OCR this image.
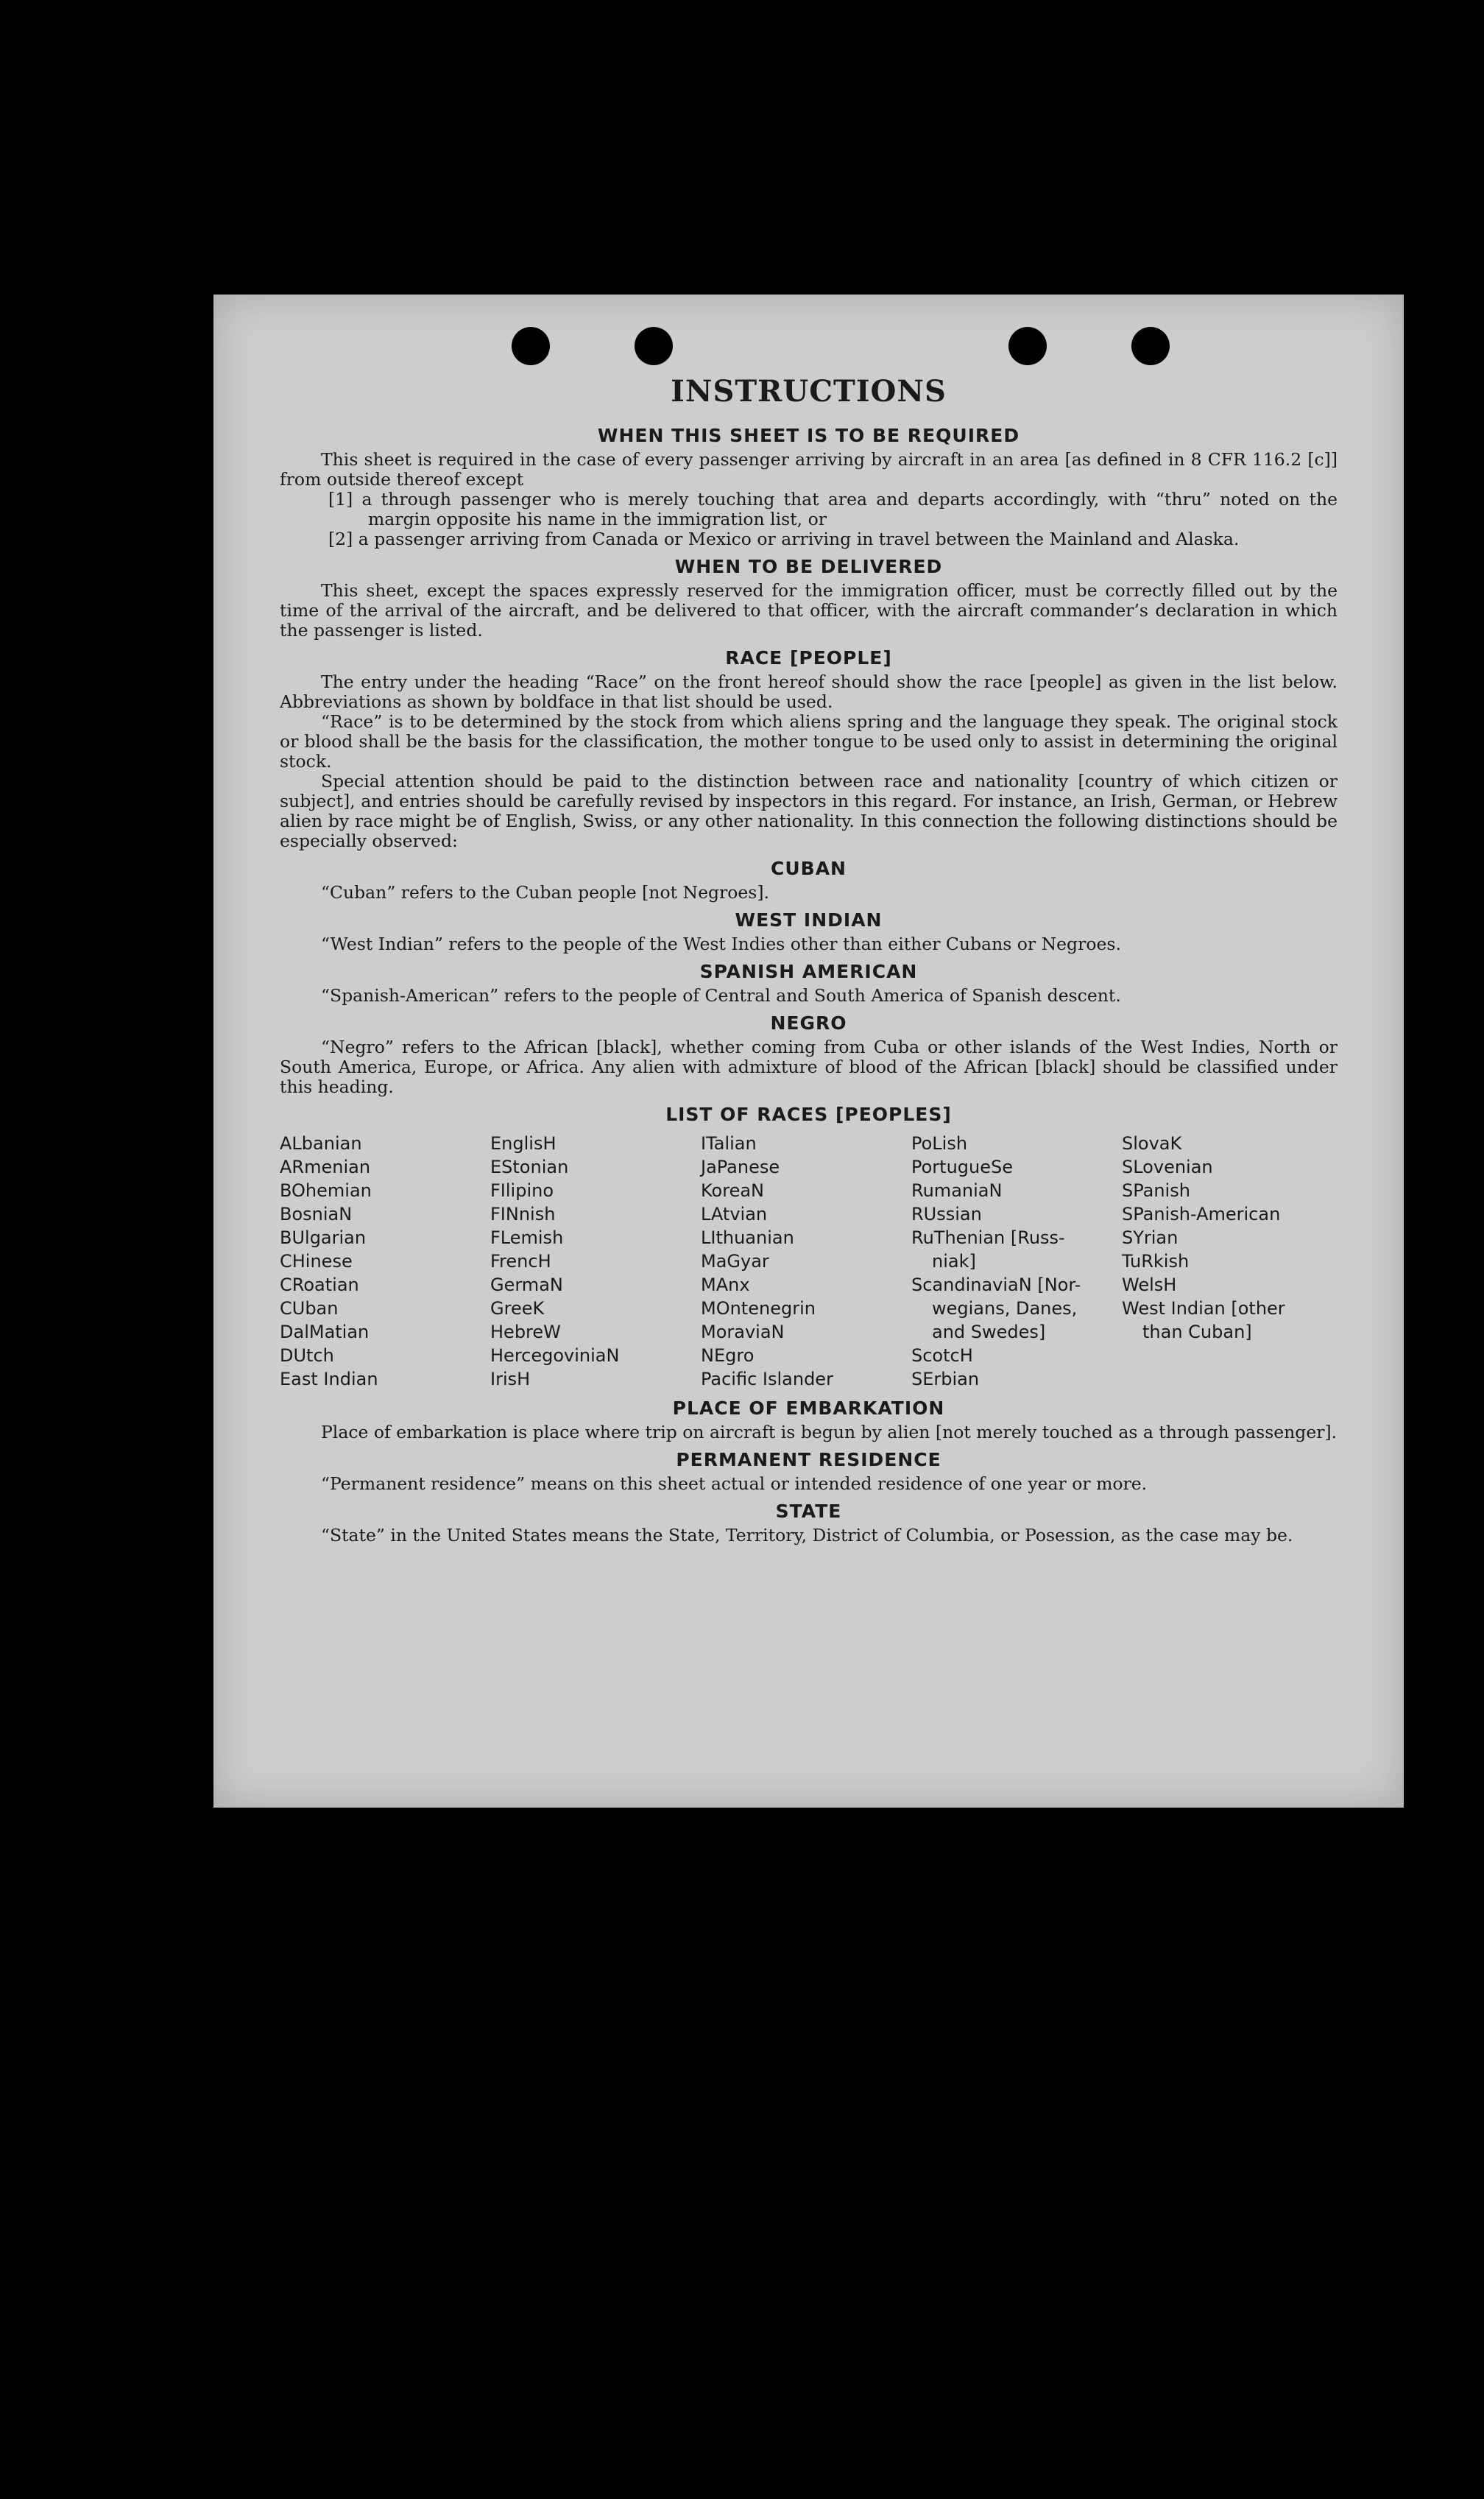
INSTRUCTIONS
WHEN THIS SHEET IS TO BE REQUIRED

This sheet is required in the case of every passenger arriving by aircraft in an area [as defined in 8 CFR 116.2 [c]] from outside thereof except

[1] a through passenger who is merely touching that area and departs accordingly, with “thru” noted on the margin opposite his name in the immigration list, or

[2] a passenger arriving from Canada or Mexico or arriving in travel between the Mainland and Alaska.

WHEN TO BE DELIVERED

This sheet, except the spaces expressly reserved for the immigration officer, must be correctly filled out by the time of the arrival of the aircraft, and be delivered to that officer, with the aircraft commander’s declaration in which the passenger is listed.

RACE [PEOPLE]

The entry under the heading “Race” on the front hereof should show the race [people] as given in the list below. Abbreviations as shown by boldface in that list should be used.

“Race” is to be determined by the stock from which aliens spring and the language they speak. The original stock or blood shall be the basis for the classification, the mother tongue to be used only to assist in determining the original stock.

Special attention should be paid to the distinction between race and nationality [country of which citizen or subject], and entries should be carefully revised by inspectors in this regard. For instance, an Irish, German, or Hebrew alien by race might be of English, Swiss, or any other nationality. In this connection the following distinctions should be especially observed:

CUBAN

“Cuban” refers to the Cuban people [not Negroes].

WEST INDIAN

“West Indian” refers to the people of the West Indies other than either Cubans or Negroes.

SPANISH AMERICAN

“Spanish-American” refers to the people of Central and South America of Spanish descent.

NEGRO

“Negro” refers to the African [black], whether coming from Cuba or other islands of the West Indies, North or South America, Europe, or Africa. Any alien with admixture of blood of the African [black] should be classified under this heading.

LIST OF RACES [PEOPLES]
ALbanian
ARmenian
BOhemian
BosniaN
BUlgarian
CHinese
CRoatian
CUban
DalMatian
DUtch
East Indian
EnglisH
EStonian
FIlipino
FINnish
FLemish
FrencH
GermaN
GreeK
HebreW
HercegoviniaN
IrisH
ITalian
JaPanese
KoreaN
LAtvian
LIthuanian
MaGyar
MAnx
MOntenegrin
MoraviaN
NEgro
Pacific Islander
PoLish
PortugueSe
RumaniaN
RUssian
RuThenian [Russ-
niak]
ScandinaviaN [Nor-
wegians, Danes,
and Swedes]
ScotcH
SErbian
SlovaK
SLovenian
SPanish
SPanish-American
SYrian
TuRkish
WelsH
West Indian [other
than Cuban]
PLACE OF EMBARKATION

Place of embarkation is place where trip on aircraft is begun by alien [not merely touched as a through passenger].

PERMANENT RESIDENCE

“Permanent residence” means on this sheet actual or intended residence of one year or more.

STATE

“State” in the United States means the State, Territory, District of Columbia, or Posession, as the case may be.
